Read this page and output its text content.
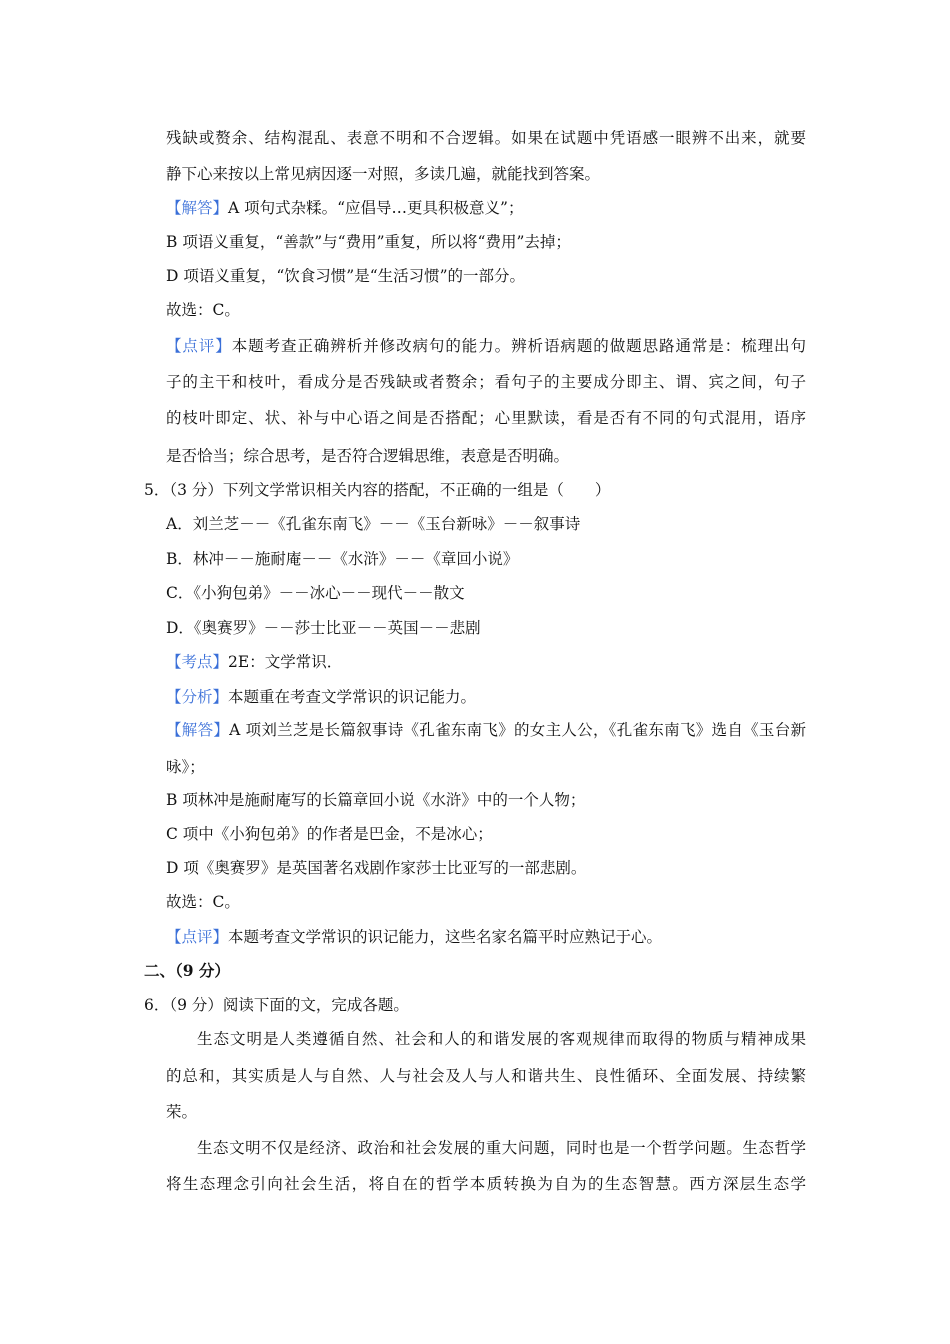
残缺或赘余、结构混乱、表意不明和不合逻辑。如果在试题中凭语感一眼辨不出来，就要
静下心来按以上常见病因逐一对照，多读几遍，就能找到答案。
【解答】A 项句式杂糅。“应倡导…更具积极意义”；
B 项语义重复，“善款”与“费用”重复，所以将“费用”去掉；
D 项语义重复，“饮食习惯”是“生活习惯”的一部分。
故选：C。
【点评】本题考查正确辨析并修改病句的能力。辨析语病题的做题思路通常是：梳理出句
子的主干和枝叶，看成分是否残缺或者赘余；看句子的主要成分即主、谓、宾之间，句子
的枝叶即定、状、补与中心语之间是否搭配；心里默读，看是否有不同的句式混用，语序
是否恰当；综合思考，是否符合逻辑思维，表意是否明确。
5．（3 分）下列文学常识相关内容的搭配，不正确的一组是（　　）
A．刘兰芝－－《孔雀东南飞》－－《玉台新咏》－－叙事诗
B．林冲－－施耐庵－－《水浒》－－《章回小说》
C．《小狗包弟》－－冰心－－现代－－散文
D．《奥赛罗》－－莎士比亚－－英国－－悲剧
【考点】2E：文学常识．
【分析】本题重在考查文学常识的识记能力。
【解答】A 项刘兰芝是长篇叙事诗《孔雀东南飞》的女主人公，《孔雀东南飞》选自《玉台新
咏》；
B 项林冲是施耐庵写的长篇章回小说《水浒》中的一个人物；
C 项中《小狗包弟》的作者是巴金，不是冰心；
D 项《奥赛罗》是英国著名戏剧作家莎士比亚写的一部悲剧。
故选：C。
【点评】本题考查文学常识的识记能力，这些名家名篇平时应熟记于心。
二、（9 分）
6．（9 分）阅读下面的文，完成各题。
生态文明是人类遵循自然、社会和人的和谐发展的客观规律而取得的物质与精神成果
的总和，其实质是人与自然、人与社会及人与人和谐共生、良性循环、全面发展、持续繁
荣。
生态文明不仅是经济、政治和社会发展的重大问题，同时也是一个哲学问题。生态哲学
将生态理念引向社会生活，将自在的哲学本质转换为自为的生态智慧。西方深层生态学
